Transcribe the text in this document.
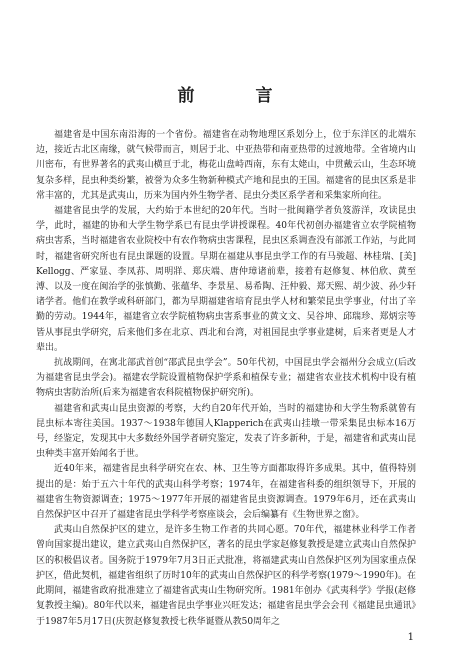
前　言

福建省是中国东南沿海的一个省份。福建省在动物地理区系划分上，位于东洋区的北端东边，接近古北区南缘，就气候带而言，则居于北、中亚热带和南亚热带的过渡地带。全省境内山川密布，有世界著名的武夷山横亘于北，梅花山盘峙西南，东有太姥山，中贯戴云山，生态环境复杂多样，昆虫种类纷繁，被誉为众多生物新种模式产地和昆虫的王国。福建省的昆虫区系是非常丰富的，尤其是武夷山，历来为国内外生物学者、昆虫分类区系学者和采集家所向往。

福建省昆虫学的发展，大约始于本世纪的20年代。当时一批闽籍学者负笈游洋，攻读昆虫学，此时，福建的协和大学生物学系已有昆虫学讲授课程。40年代初创办福建省立农学院植物病虫害系，当时福建省农业院校中有农作物病虫害课程，昆虫区系调查没有部派工作站，与此同时，福建省研究所也有昆虫课题的设置。早期在福建从事昆虫学工作的有马骏超、林桂瑞、[美] Kellogg、严家显、李凤荪、周明牂、郑庆端、唐仲璋诸前辈，接着有赵修复、林伯欣、黄至溥、以及一度在闽治学的张慎勤、张蕴华、李景星、易希陶、汪仲毅、郑天熙、胡少波、孙少轩诸学者。他们在教学或科研部门，都为早期福建省培育昆虫学人材和繁荣昆虫学事业，付出了辛勤的劳动。1944年，福建省立农学院植物病虫害系事业的黄文文、吴谷坤、邱瑞珍、郑炳宗等皆从事昆虫学研究，后来他们多在北京、西北和台湾，对祖国昆虫学事业建树，后来者更是人才辈出。

抗战期间，在寓北部武首创“邵武昆虫学会”。50年代初，中国昆虫学会福州分会成立(后改为福建省昆虫学会)。福建农学院设置植物保护学系和植保专业；福建省农业技术机构中设有植物病虫害防治所(后来为福建省农科院植物保护研究所)。

福建省和武夷山昆虫资源的考察，大约自20年代开始，当时的福建协和大学生物系就曾有昆虫标本寄往美国。1937～1938年德国人Klapperich在武夷山挂墩一带采集昆虫标本16万号，经鉴定，发现其中大多数经外国学者研究鉴定，发表了许多新种，于是，福建省和武夷山昆虫种类丰富开始闻名于世。

近40年来，福建省昆虫科学研究在农、林、卫生等方面都取得许多成果。其中，值得特别提出的是：始于五六十年代的武夷山科学考察；1974年，在福建省科委的组织领导下，开展的福建省生物资源调查；1975～1977年开展的福建省昆虫资源调查。1979年6月，还在武夷山自然保护区中召开了福建省昆虫学科学考察座谈会，会后编纂有《生物世界之窗》。

武夷山自然保护区的建立，是许多生物工作者的共同心愿。70年代，福建林业科学工作者曾向国家提出建议，建立武夷山自然保护区，著名的昆虫学家赵修复教授是建立武夷山自然保护区的积极倡议者。国务院于1979年7月3日正式批准，将福建武夷山自然保护区列为国家重点保护区，借此契机，福建省组织了历时10年的武夷山自然保护区的科学考察(1979～1990年)。在此期间，福建省政府批准建立了福建省武夷山生物研究所。1981年创办《武夷科学》学报(赵修复教授主编)。80年代以来，福建省昆虫学事业兴旺发达；福建省昆虫学会会刊《福建昆虫通讯》于1987年5月17日(庆贺赵修复教授七秩华诞暨从教50周年之

1
